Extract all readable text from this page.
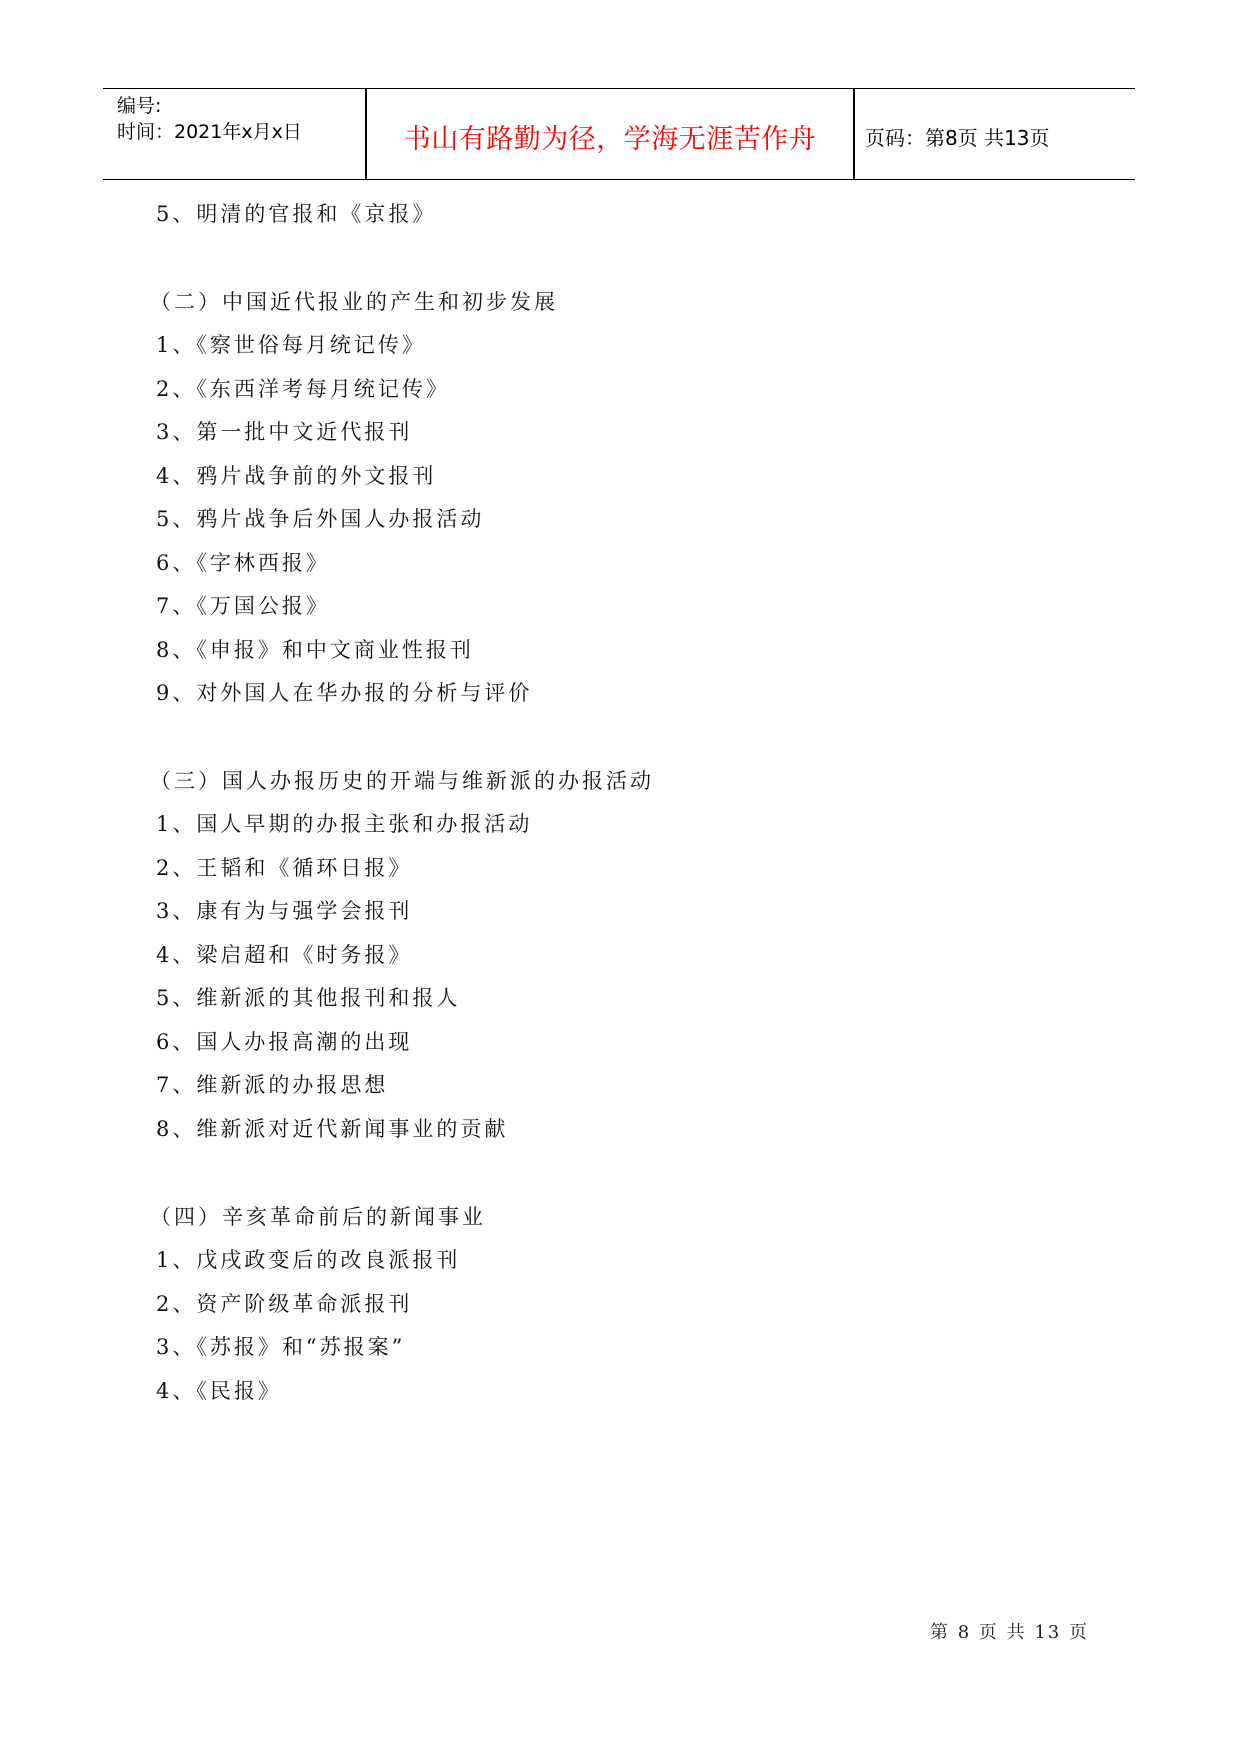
编号:
时间：2021年x月x日	书山有路勤为径，学海无涯苦作舟	页码：第8页 共13页
5、明清的官报和《京报》
（二）中国近代报业的产生和初步发展
1、《察世俗每月统记传》
2、《东西洋考每月统记传》
3、第一批中文近代报刊
4、鸦片战争前的外文报刊
5、鸦片战争后外国人办报活动
6、《字林西报》
7、《万国公报》
8、《申报》和中文商业性报刊
9、对外国人在华办报的分析与评价
（三）国人办报历史的开端与维新派的办报活动
1、国人早期的办报主张和办报活动
2、王韬和《循环日报》
3、康有为与强学会报刊
4、梁启超和《时务报》
5、维新派的其他报刊和报人
6、国人办报高潮的出现
7、维新派的办报思想
8、维新派对近代新闻事业的贡献
（四）辛亥革命前后的新闻事业
1、戊戌政变后的改良派报刊
2、资产阶级革命派报刊
3、《苏报》和“苏报案”
4、《民报》
第 8 页 共 13 页
